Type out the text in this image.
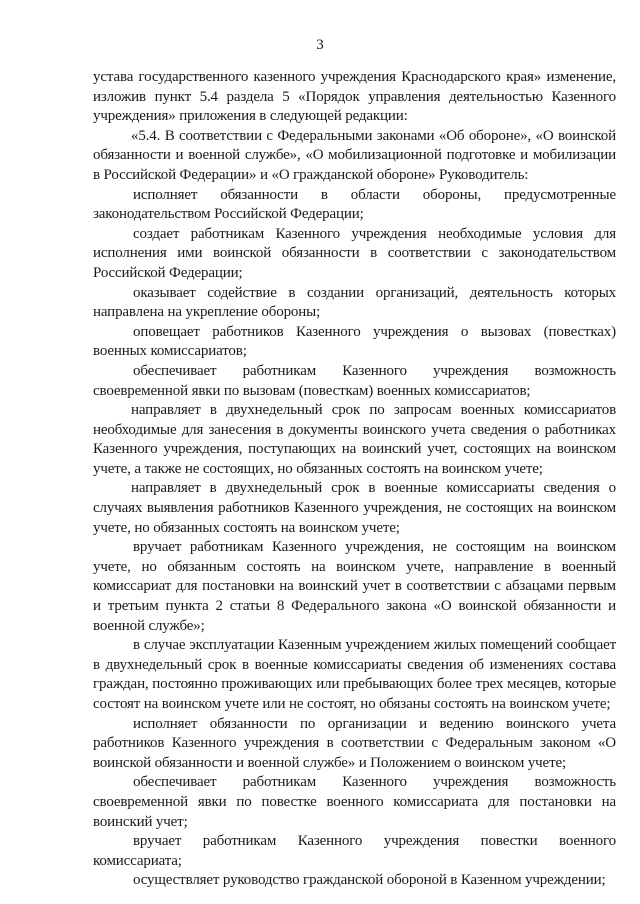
3

устава государственного казенного учреждения Краснодарского края» изменение, изложив пункт 5.4 раздела 5 «Порядок управления деятельностью Казенного учреждения» приложения в следующей редакции:

«5.4. В соответствии с Федеральными законами «Об обороне», «О воинской обязанности и военной службе», «О мобилизационной подготовке и мобилизации в Российской Федерации» и «О гражданской обороне» Руководитель:

исполняет обязанности в области обороны, предусмотренные законодательством Российской Федерации;

создает работникам Казенного учреждения необходимые условия для исполнения ими воинской обязанности в соответствии с законодательством Российской Федерации;

оказывает содействие в создании организаций, деятельность которых направлена на укрепление обороны;

оповещает работников Казенного учреждения о вызовах (повестках) военных комиссариатов;

обеспечивает работникам Казенного учреждения возможность своевременной явки по вызовам (повесткам) военных комиссариатов;

направляет в двухнедельный срок по запросам военных комиссариатов необходимые для занесения в документы воинского учета сведения о работниках Казенного учреждения, поступающих на воинский учет, состоящих на воинском учете, а также не состоящих, но обязанных состоять на воинском учете;

направляет в двухнедельный срок в военные комиссариаты сведения о случаях выявления работников Казенного учреждения, не состоящих на воинском учете, но обязанных состоять на воинском учете;

вручает работникам Казенного учреждения, не состоящим на воинском учете, но обязанным состоять на воинском учете, направление в военный комиссариат для постановки на воинский учет в соответствии с абзацами первым и третьим пункта 2 статьи 8 Федерального закона «О воинской обязанности и военной службе»;

в случае эксплуатации Казенным учреждением жилых помещений сообщает в двухнедельный срок в военные комиссариаты сведения об изменениях состава граждан, постоянно проживающих или пребывающих более трех месяцев, которые состоят на воинском учете или не состоят, но обязаны состоять на воинском учете;

исполняет обязанности по организации и ведению воинского учета работников Казенного учреждения в соответствии с Федеральным законом «О воинской обязанности и военной службе» и Положением о воинском учете;

обеспечивает работникам Казенного учреждения возможность своевременной явки по повестке военного комиссариата для постановки на воинский учет;

вручает работникам Казенного учреждения повестки военного комиссариата;

осуществляет руководство гражданской обороной в Казенном учреждении;
